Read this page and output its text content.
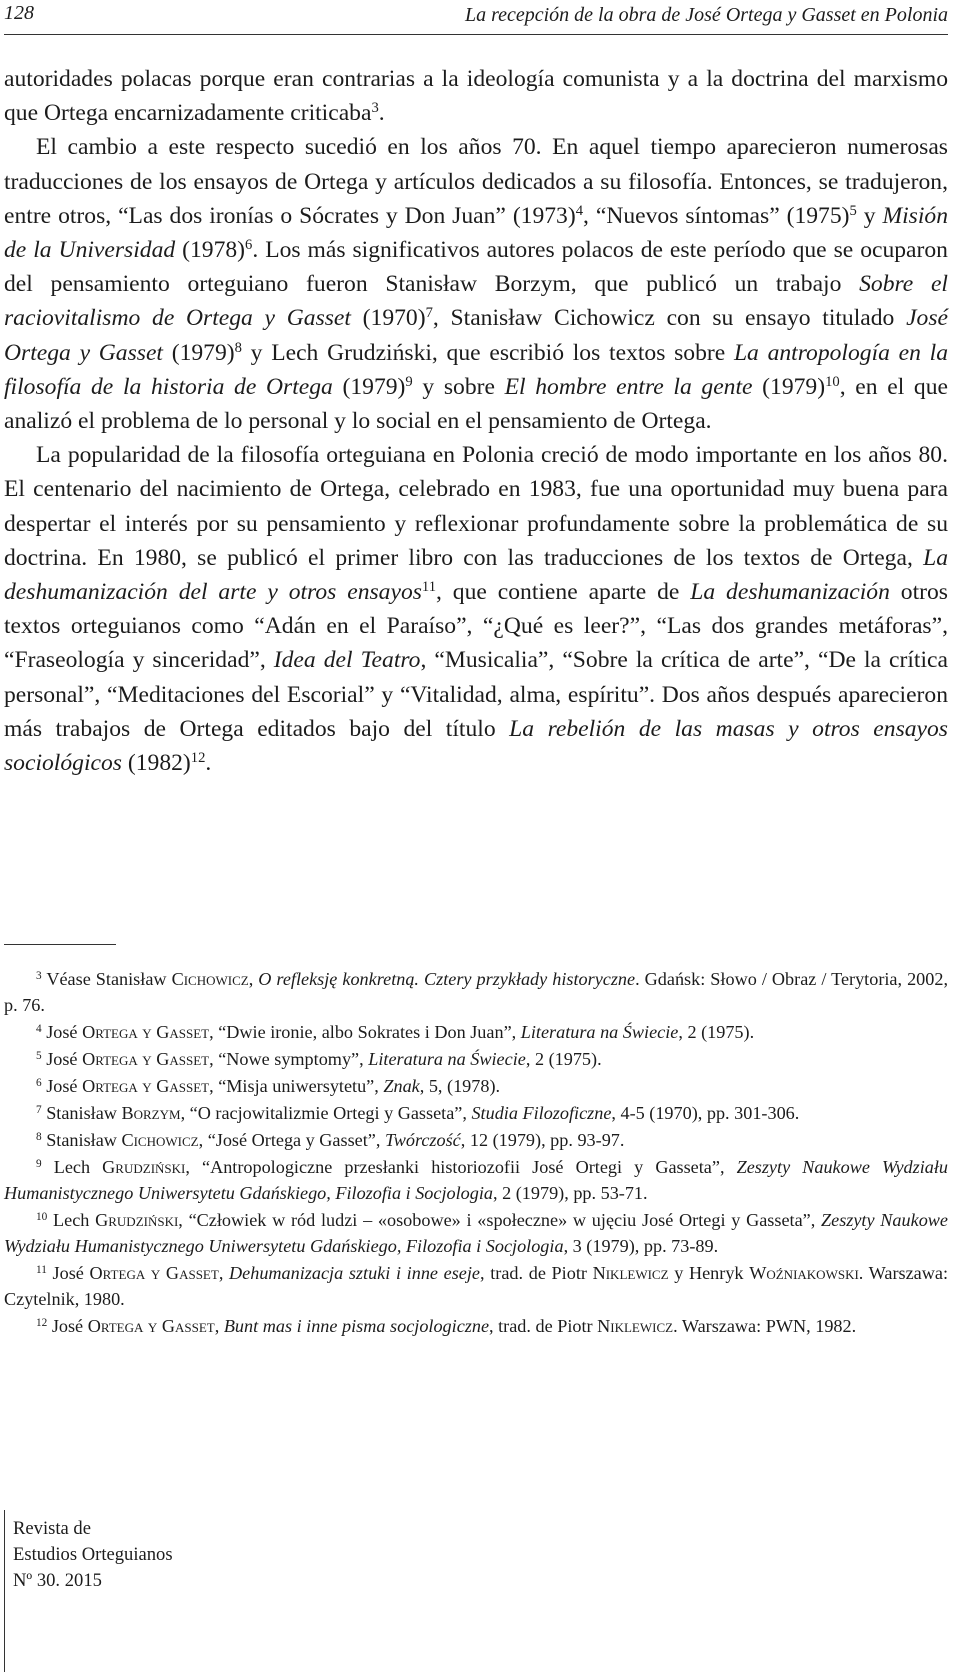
128	La recepción de la obra de José Ortega y Gasset en Polonia

autoridades polacas porque eran contrarias a la ideología comunista y a la doctrina del marxismo que Ortega encarnizadamente criticaba$^3$.

El cambio a este respecto sucedió en los años 70. En aquel tiempo aparecieron numerosas traducciones de los ensayos de Ortega y artículos dedicados a su filosofía. Entonces, se tradujeron, entre otros, “Las dos ironías o Sócrates y Don Juan” $(1973)^4$, “Nuevos síntomas” $(1975)^5$ y Misión de la Universidad $(1978)^6$. Los más significativos autores polacos de este período que se ocuparon del pensamiento orteguiano fueron Stanisław Borzym, que publicó un trabajo Sobre el raciovitalismo de Ortega y Gasset $(1970)^7$, Stanisław Cichowicz con su ensayo titulado José Ortega y Gasset $(1979)^8$ y Lech Grudziński, que escribió los textos sobre La antropología en la filosofía de la historia de Ortega $(1979)^9$ y sobre El hombre entre la gente $(1979)^{10}$, en el que analizó el problema de lo personal y lo social en el pensamiento de Ortega.

La popularidad de la filosofía orteguiana en Polonia creció de modo importante en los años 80. El centenario del nacimiento de Ortega, celebrado en 1983, fue una oportunidad muy buena para despertar el interés por su pensamiento y reflexionar profundamente sobre la problemática de su doctrina. En 1980, se publicó el primer libro con las traducciones de los textos de Ortega, La deshumanización del arte y otros ensayos$^{11}$, que contiene aparte de La deshumanización otros textos orteguianos como “Adán en el Paraíso”, “¿Qué es leer?”, “Las dos grandes metáforas”, “Fraseología y sinceridad”, Idea del Teatro, “Musicalia”, “Sobre la crítica de arte”, “De la crítica personal”, “Meditaciones del Escorial” y “Vitalidad, alma, espíritu”. Dos años después aparecieron más trabajos de Ortega editados bajo del título La rebelión de las masas y otros ensayos sociológicos $(1982)^{12}$.

$^3$ Véase Stanisław Cichowicz, O refleksję konkretną. Cztery przykłady historyczne. Gdańsk: Słowo / Obraz / Terytoria, 2002, p. 76.

$^4$ José Ortega y Gasset, “Dwie ironie, albo Sokrates i Don Juan”, Literatura na Świecie, 2 (1975).

$^5$ José Ortega y Gasset, “Nowe symptomy”, Literatura na Świecie, 2 (1975).

$^6$ José Ortega y Gasset, “Misja uniwersytetu”, Znak, 5, (1978).

$^7$ Stanisław Borzym, “O racjowitalizmie Ortegi y Gasseta”, Studia Filozoficzne, 4-5 (1970), pp. 301-306.

$^8$ Stanisław Cichowicz, “José Ortega y Gasset”, Twórczość, 12 (1979), pp. 93-97.

$^9$ Lech Grudziński, “Antropologiczne przesłanki historiozofii José Ortegi y Gasseta”, Zeszyty Naukowe Wydziału Humanistycznego Uniwersytetu Gdańskiego, Filozofia i Socjologia, 2 (1979), pp. 53-71.

$^{10}$ Lech Grudziński, “Człowiek w ród ludzi – «osobowe» i «społeczne» w ujęciu José Ortegi y Gasseta”, Zeszyty Naukowe Wydziału Humanistycznego Uniwersytetu Gdańskiego, Filozofia i Socjologia, 3 (1979), pp. 73-89.

$^{11}$ José Ortega y Gasset, Dehumanizacja sztuki i inne eseje, trad. de Piotr Niklewicz y Henryk Woźniakowski. Warszawa: Czytelnik, 1980.

$^{12}$ José Ortega y Gasset, Bunt mas i inne pisma socjologiczne, trad. de Piotr Niklewicz. Warszawa: PWN, 1982.

Revista de
Estudios Orteguianos
Nº 30. 2015
